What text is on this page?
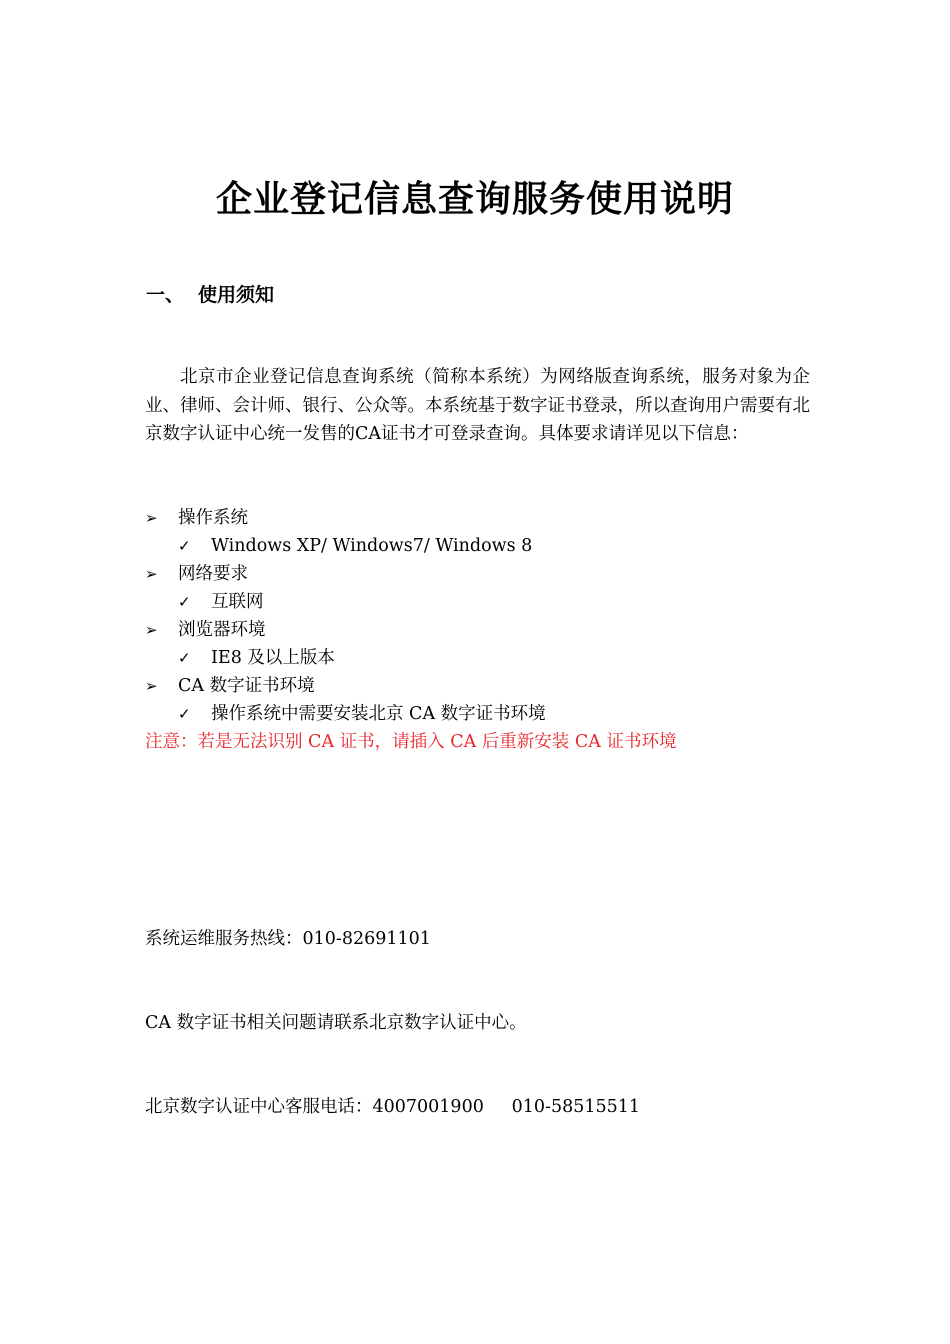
企业登记信息查询服务使用说明
一、 使用须知

北京市企业登记信息查询系统（简称本系统）为网络版查询系统，服务对象为企业、律师、会计师、银行、公众等。本系统基于数字证书登录，所以查询用户需要有北京数字认证中心统一发售的CA证书才可登录查询。具体要求请详见以下信息：

➢ 操作系统
✓ Windows XP/ Windows7/ Windows 8
➢ 网络要求
✓ 互联网
➢ 浏览器环境
✓ IE8 及以上版本
➢ CA 数字证书环境
✓ 操作系统中需要安装北京 CA 数字证书环境
注意：若是无法识别 CA 证书，请插入 CA 后重新安装 CA 证书环境

系统运维服务热线：010-82691101

CA 数字证书相关问题请联系北京数字认证中心。

北京数字认证中心客服电话：4007001900     010-58515511
